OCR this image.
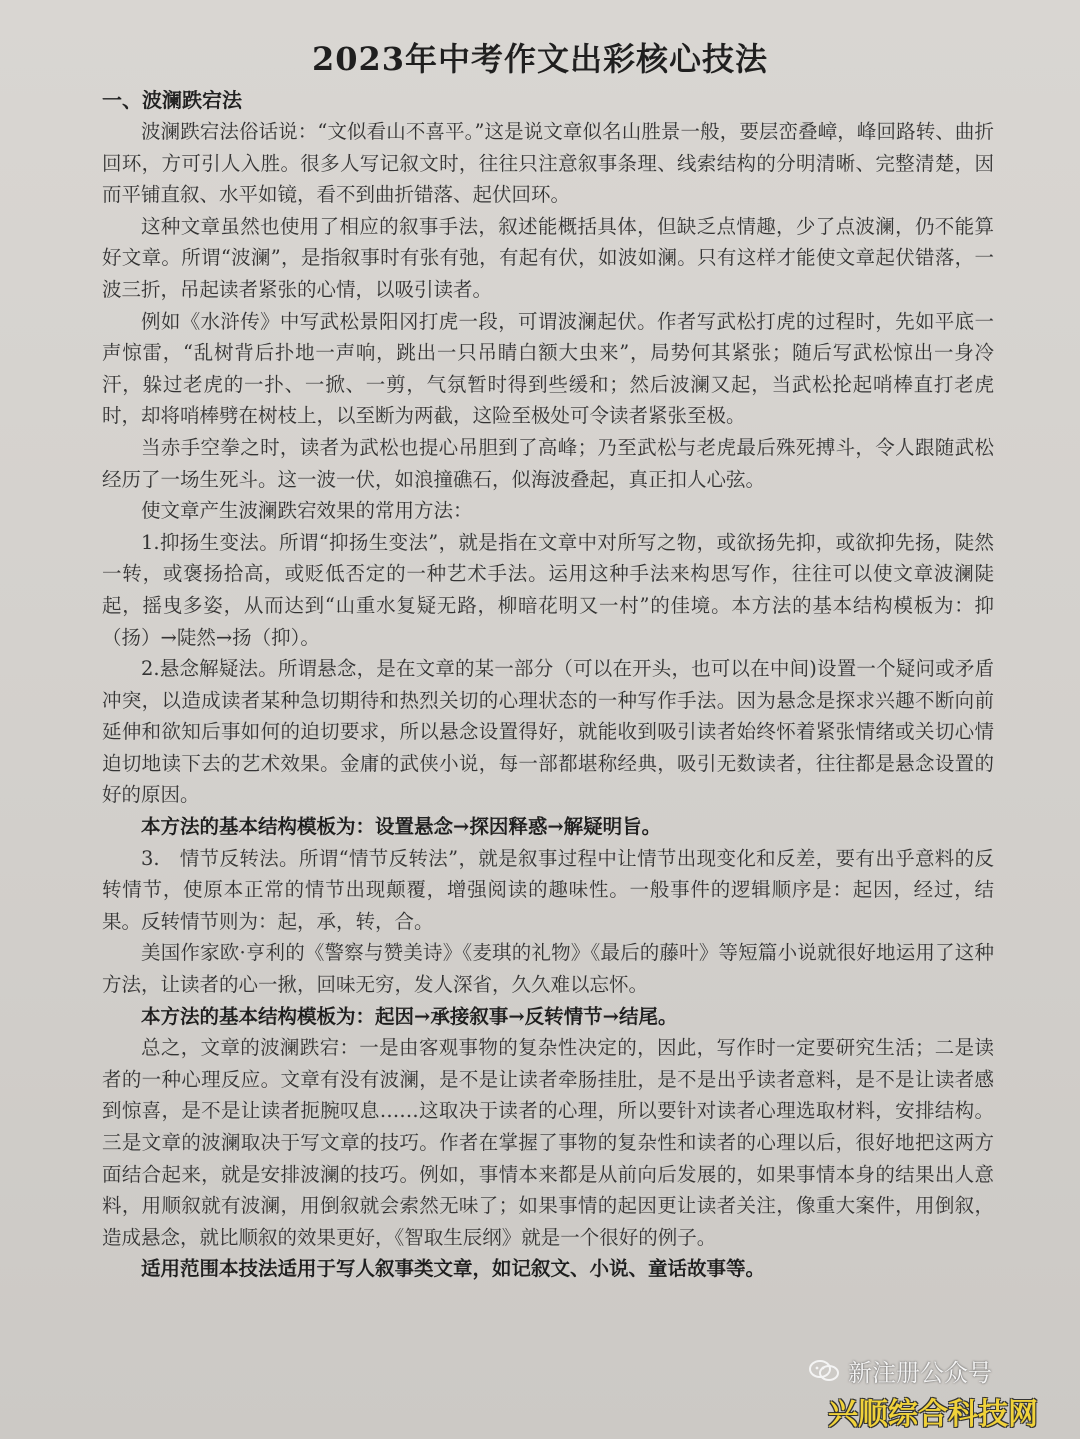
2023年中考作文出彩核心技法
一、波澜跌宕法

波澜跌宕法俗话说：“文似看山不喜平。”这是说文章似名山胜景一般，要层峦叠嶂，峰回路转、曲折回环，方可引人入胜。很多人写记叙文时，往往只注意叙事条理、线索结构的分明清晰、完整清楚，因而平铺直叙、水平如镜，看不到曲折错落、起伏回环。

这种文章虽然也使用了相应的叙事手法，叙述能概括具体，但缺乏点情趣，少了点波澜，仍不能算好文章。所谓“波澜”，是指叙事时有张有弛，有起有伏，如波如澜。只有这样才能使文章起伏错落，一波三折，吊起读者紧张的心情，以吸引读者。

例如《水浒传》中写武松景阳冈打虎一段，可谓波澜起伏。作者写武松打虎的过程时，先如平底一声惊雷，“乱树背后扑地一声响，跳出一只吊睛白额大虫来”，局势何其紧张；随后写武松惊出一身冷汗，躲过老虎的一扑、一掀、一剪，气氛暂时得到些缓和；然后波澜又起，当武松抡起哨棒直打老虎时，却将哨棒劈在树枝上，以至断为两截，这险至极处可令读者紧张至极。

当赤手空拳之时，读者为武松也提心吊胆到了高峰；乃至武松与老虎最后殊死搏斗，令人跟随武松经历了一场生死斗。这一波一伏，如浪撞礁石，似海波叠起，真正扣人心弦。

使文章产生波澜跌宕效果的常用方法：

1.抑扬生变法。所谓“抑扬生变法”，就是指在文章中对所写之物，或欲扬先抑，或欲抑先扬，陡然一转，或褒扬拾高，或贬低否定的一种艺术手法。运用这种手法来构思写作，往往可以使文章波澜陡起，摇曳多姿，从而达到“山重水复疑无路，柳暗花明又一村”的佳境。本方法的基本结构模板为：抑（扬）→陡然→扬（抑）。

2.悬念解疑法。所谓悬念，是在文章的某一部分（可以在开头，也可以在中间)设置一个疑问或矛盾冲突，以造成读者某种急切期待和热烈关切的心理状态的一种写作手法。因为悬念是探求兴趣不断向前延伸和欲知后事如何的迫切要求，所以悬念设置得好，就能收到吸引读者始终怀着紧张情绪或关切心情迫切地读下去的艺术效果。金庸的武侠小说，每一部都堪称经典，吸引无数读者，往往都是悬念设置的好的原因。

本方法的基本结构模板为：设置悬念→探因释惑→解疑明旨。

3.　情节反转法。所谓“情节反转法”，就是叙事过程中让情节出现变化和反差，要有出乎意料的反转情节，使原本正常的情节出现颠覆，增强阅读的趣味性。一般事件的逻辑顺序是：起因，经过，结果。反转情节则为：起，承，转，合。

美国作家欧·亨利的《警察与赞美诗》《麦琪的礼物》《最后的藤叶》等短篇小说就很好地运用了这种方法，让读者的心一揪，回味无穷，发人深省，久久难以忘怀。

本方法的基本结构模板为：起因→承接叙事→反转情节→结尾。

总之，文章的波澜跌宕：一是由客观事物的复杂性决定的，因此，写作时一定要研究生活；二是读者的一种心理反应。文章有没有波澜，是不是让读者牵肠挂肚，是不是出乎读者意料，是不是让读者感到惊喜，是不是让读者扼腕叹息……这取决于读者的心理，所以要针对读者心理选取材料，安排结构。三是文章的波澜取决于写文章的技巧。作者在掌握了事物的复杂性和读者的心理以后，很好地把这两方面结合起来，就是安排波澜的技巧。例如，事情本来都是从前向后发展的，如果事情本身的结果出人意料，用顺叙就有波澜，用倒叙就会索然无味了；如果事情的起因更让读者关注，像重大案件，用倒叙，造成悬念，就比顺叙的效果更好，《智取生辰纲》就是一个很好的例子。

适用范围本技法适用于写人叙事类文章，如记叙文、小说、童话故事等。

新注册公众号
兴顺综合科技网
